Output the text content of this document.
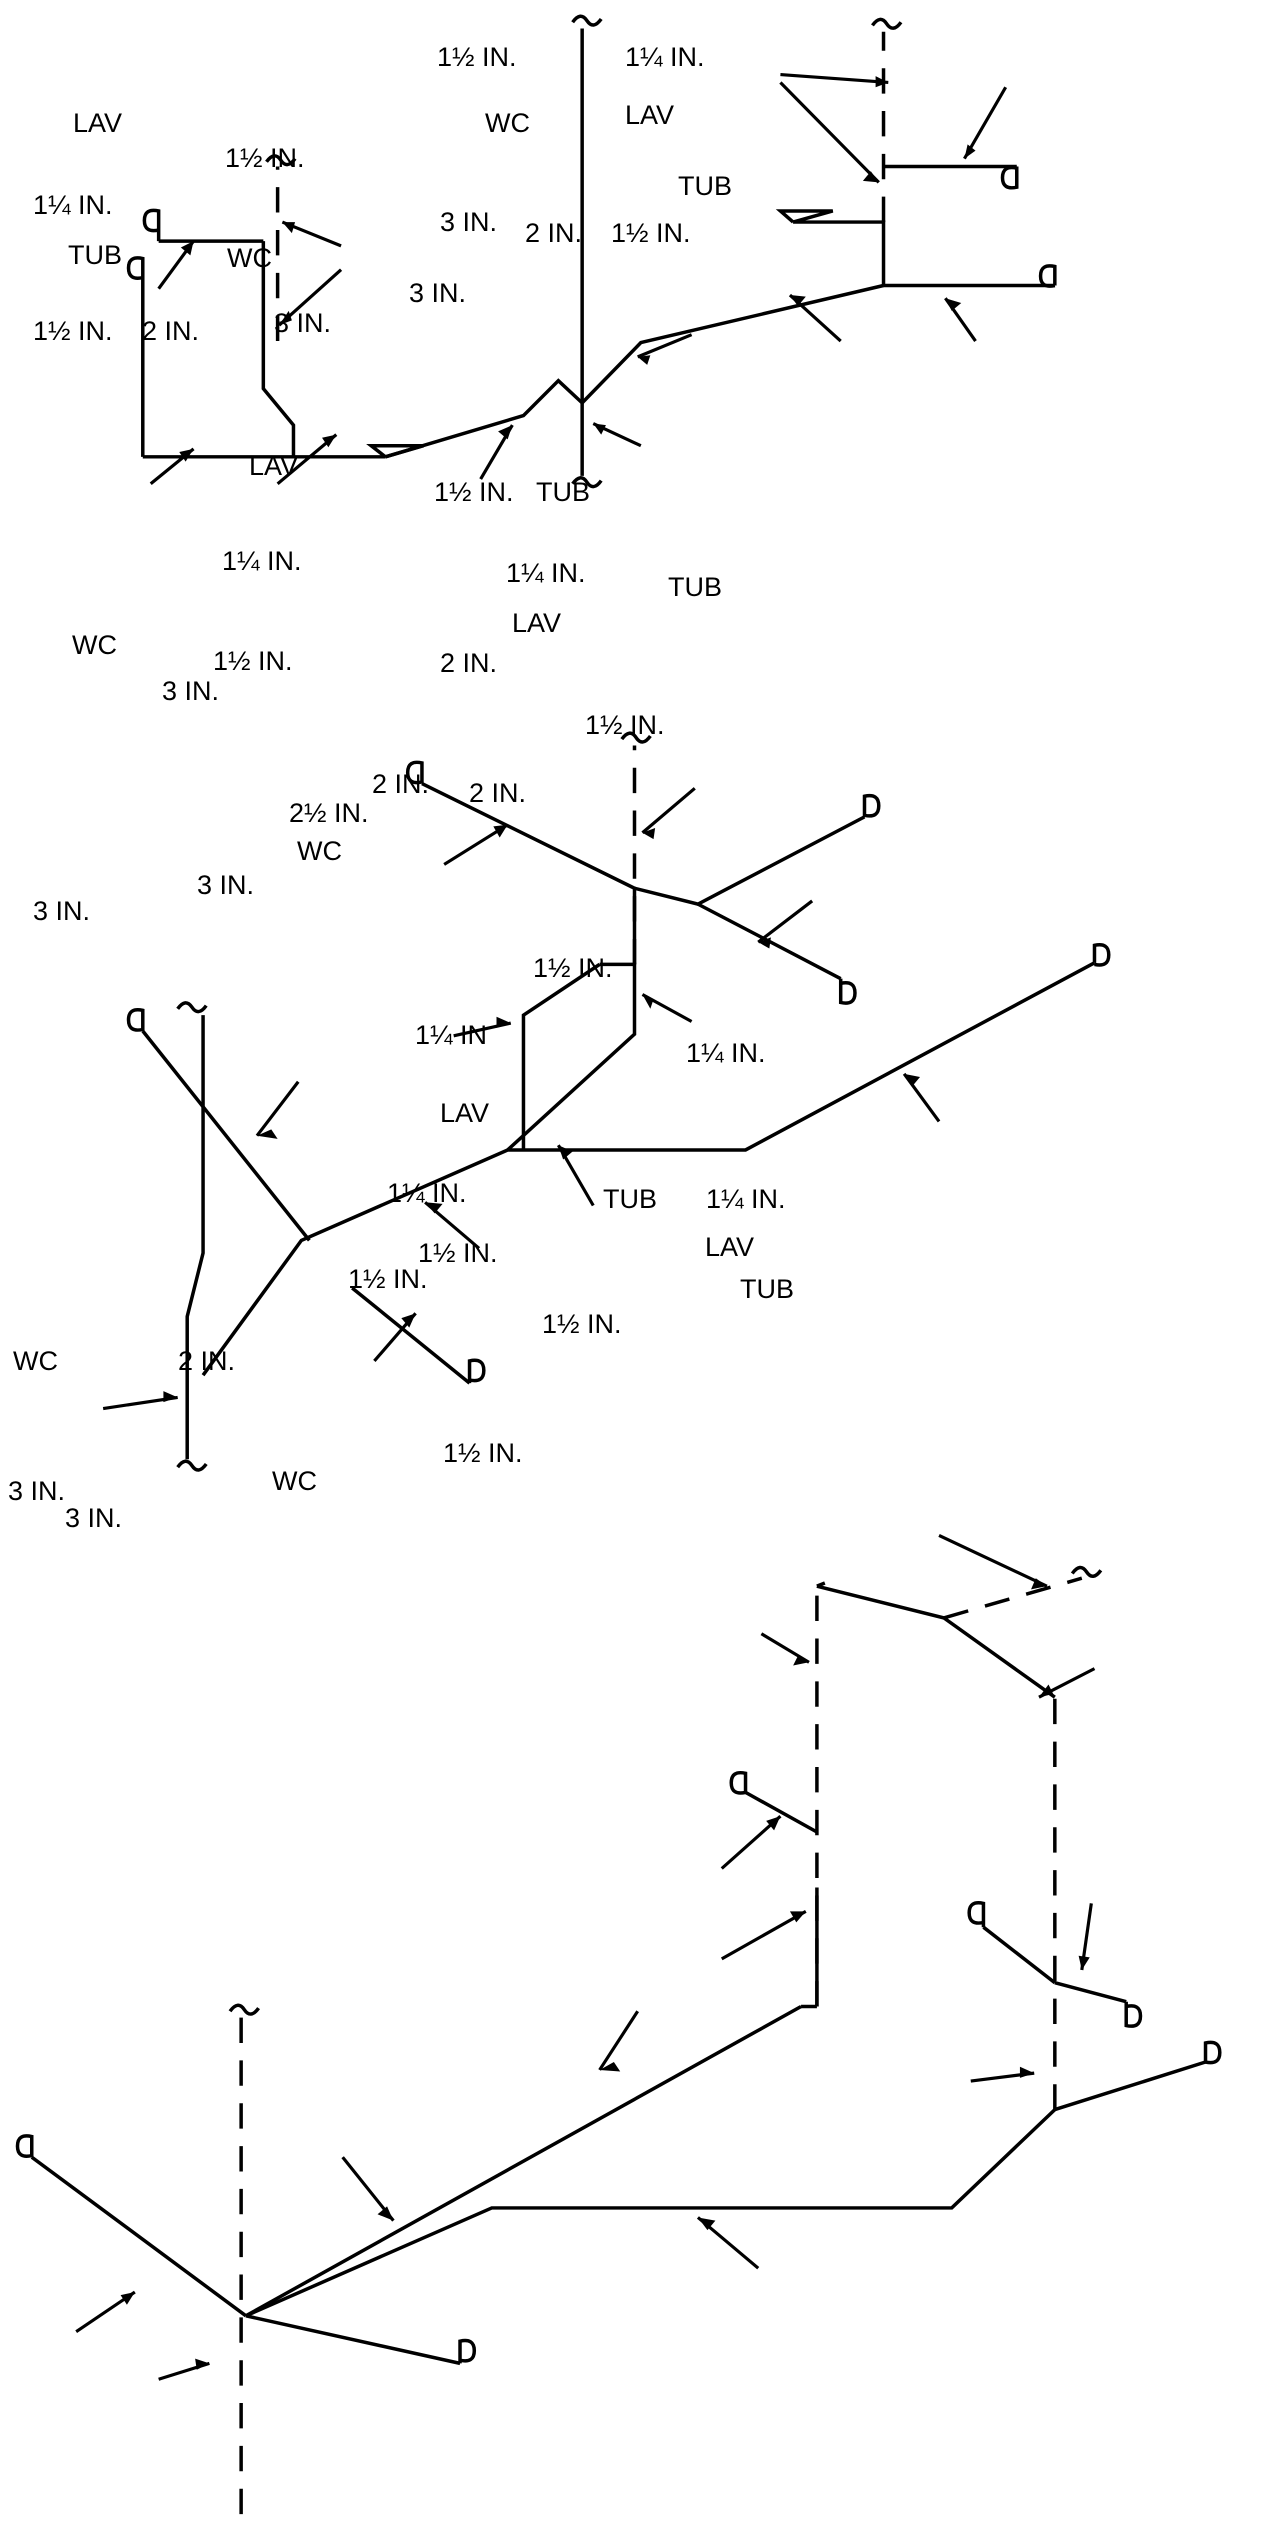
LAV
1½ IN.
1¼ IN.
TUB	WC
1½ IN. 2 IN.	3 IN.
3 IN.
3 IN.
1½ IN.	1¼ IN.
WC	LAV
TUB
2 IN. 1½ IN.
LAV
1½ IN. TUB
1¼ IN.	1¼ IN.	TUB
WC
1½ IN.	2 IN.
LAV
3 IN.
1½ IN.
2½ IN.
2 IN. 2 IN.
WC
3 IN.
3 IN.
1½ IN.
1¼ IN
1¼ IN.
LAV
1¼ IN.	TUB 1¼ IN.
1½ IN.	LAV
1½ IN.	TUB
1½ IN.
WC	2 IN.
1½ IN.
3 IN.	WC
3 IN.
